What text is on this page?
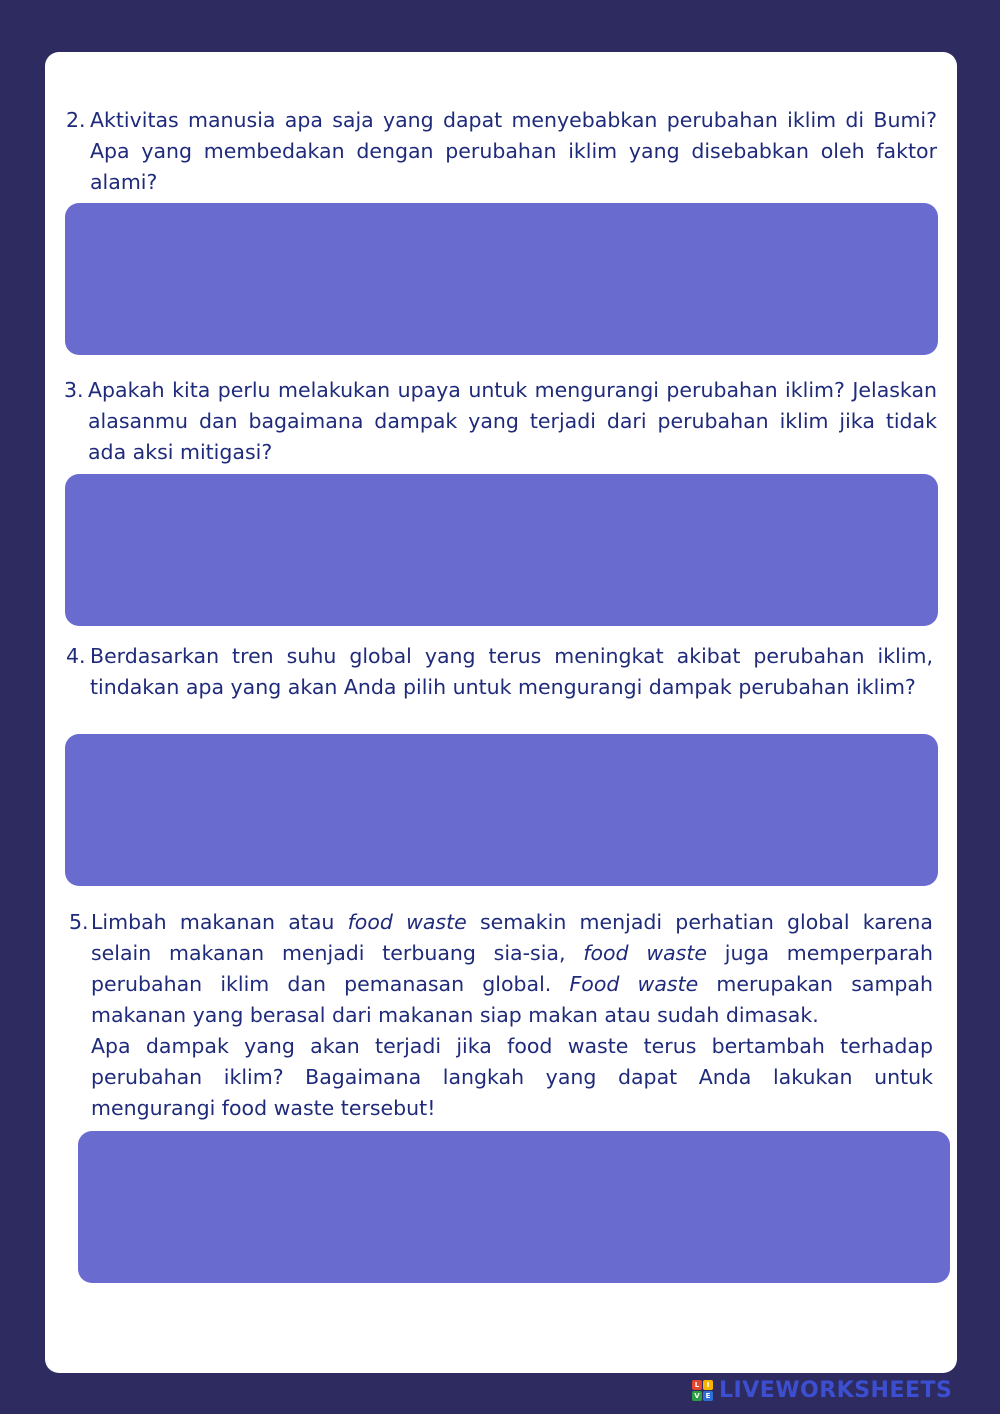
2. Aktivitas manusia apa saja yang dapat menyebabkan perubahan iklim di Bumi? Apa yang membedakan dengan perubahan iklim yang disebabkan oleh faktor alami?

3. Apakah kita perlu melakukan upaya untuk mengurangi perubahan iklim? Jelaskan alasanmu dan bagaimana dampak yang terjadi dari perubahan iklim jika tidak ada aksi mitigasi?

4. Berdasarkan tren suhu global yang terus meningkat akibat perubahan iklim, tindakan apa yang akan Anda pilih untuk mengurangi dampak perubahan iklim?

5. Limbah makanan atau food waste semakin menjadi perhatian global karena selain makanan menjadi terbuang sia-sia, food waste juga memperparah perubahan iklim dan pemanasan global. Food waste merupakan sampah makanan yang berasal dari makanan siap makan atau sudah dimasak.

Apa dampak yang akan terjadi jika food waste terus bertambah terhadap perubahan iklim? Bagaimana langkah yang dapat Anda lakukan untuk mengurangi food waste tersebut!

L	I
V E LIVEWORKSHEETS
